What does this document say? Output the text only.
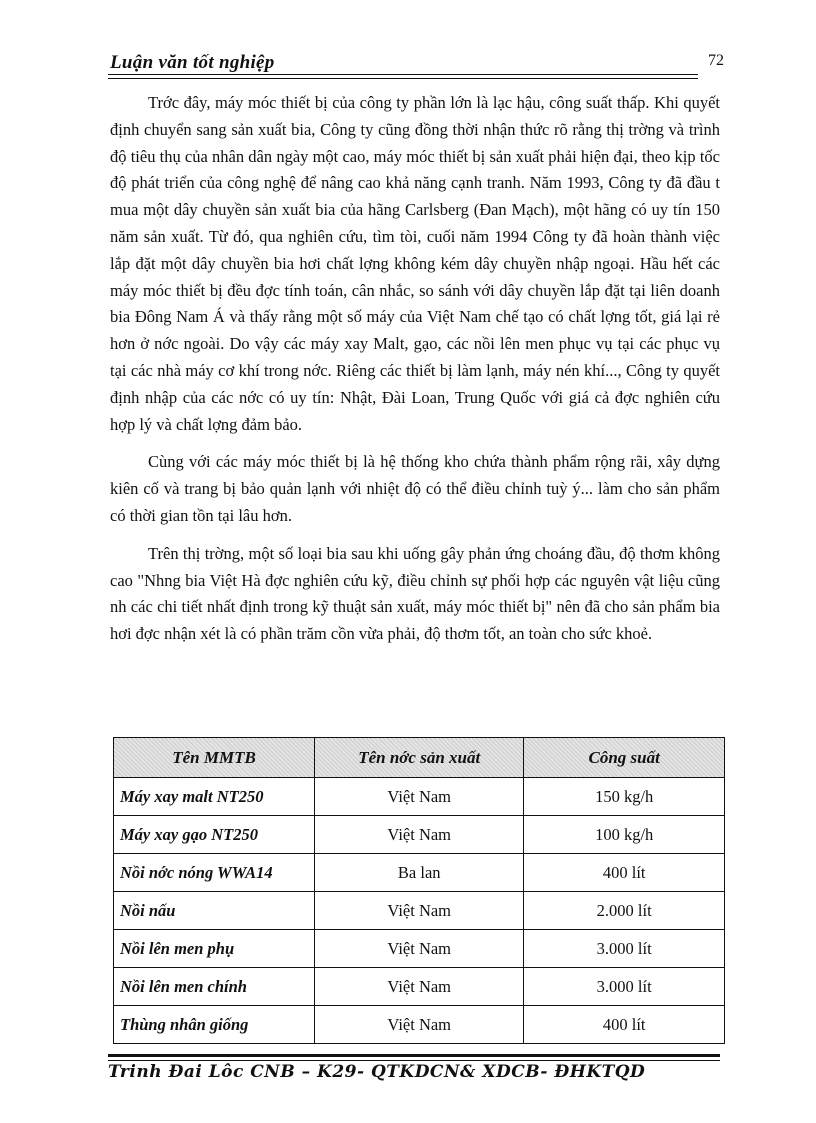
Luận văn tốt nghiệp	72

Trớc đây, máy móc thiết bị của công ty phần lớn là lạc hậu, công suất thấp. Khi quyết định chuyển sang sản xuất bia, Công ty cũng đồng thời nhận thức rõ rằng thị trờng và trình độ tiêu thụ của nhân dân ngày một cao, máy móc thiết bị sản xuất phải hiện đại, theo kịp tốc độ phát triển của công nghệ để nâng cao khả năng cạnh tranh. Năm 1993, Công ty đã đầu t mua một dây chuyền sản xuất bia của hãng Carlsberg (Đan Mạch), một hãng có uy tín 150 năm sản xuất. Từ đó, qua nghiên cứu, tìm tòi, cuối năm 1994 Công ty đã hoàn thành việc lắp đặt một dây chuyền bia hơi chất lợng không kém dây chuyền nhập ngoại. Hầu hết các máy móc thiết bị đều đợc tính toán, cân nhắc, so sánh với dây chuyền lắp đặt tại liên doanh bia Đông Nam Á và thấy rằng một số máy của Việt Nam chế tạo có chất lợng tốt, giá lại rẻ hơn ở nớc ngoài. Do vậy các máy xay Malt, gạo, các nồi lên men phục vụ tại các phục vụ tại các nhà máy cơ khí trong nớc. Riêng các thiết bị làm lạnh, máy nén khí..., Công ty quyết định nhập của các nớc có uy tín: Nhật, Đài Loan, Trung Quốc với giá cả đợc nghiên cứu hợp lý và chất lợng đảm bảo.

Cùng với các máy móc thiết bị là hệ thống kho chứa thành phẩm rộng rãi, xây dựng kiên cố và trang bị bảo quản lạnh với nhiệt độ có thể điều chỉnh tuỳ ý... làm cho sản phẩm có thời gian tồn tại lâu hơn.

Trên thị trờng, một số loại bia sau khi uống gây phản ứng choáng đầu, độ thơm không cao "Nhng bia Việt Hà đợc nghiên cứu kỹ, điều chỉnh sự phối hợp các nguyên vật liệu cũng nh các chi tiết nhất định trong kỹ thuật sản xuất, máy móc thiết bị" nên đã cho sản phẩm bia hơi đợc nhận xét là có phần trăm cồn vừa phải, độ thơm tốt, an toàn cho sức khoẻ.

Tên MMTB	Tên nớc sản xuất	Công suất
Máy xay malt NT250	Việt Nam	150 kg/h
Máy xay gạo NT250	Việt Nam	100 kg/h
Nồi nớc nóng WWA14	Ba lan	400 lít
Nồi nấu	Việt Nam	2.000 lít
Nồi lên men phụ	Việt Nam	3.000 lít
Nồi lên men chính	Việt Nam	3.000 lít
Thùng nhân giống	Việt Nam	400 lít
Trinh Đai Lôc CNB – K29- QTKDCN& XDCB- ĐHKTQD
